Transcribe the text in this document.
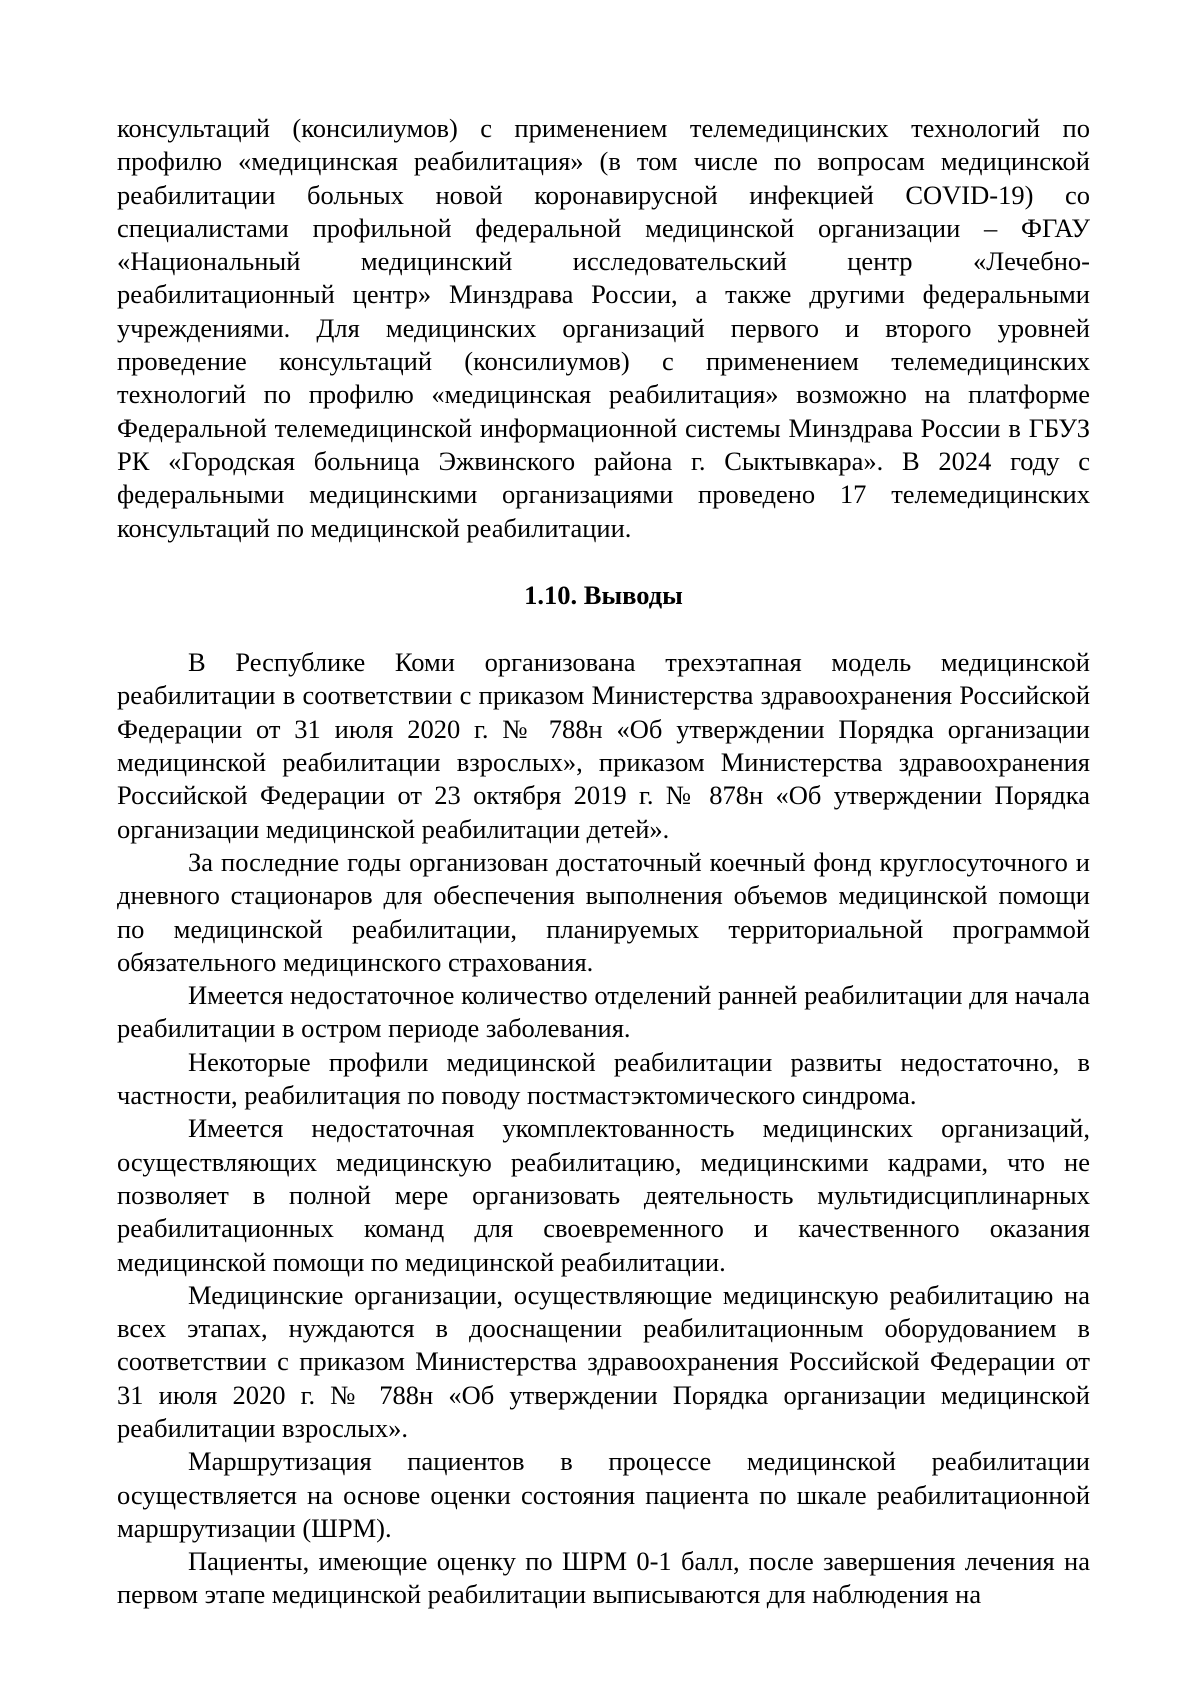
консультаций (консилиумов) с применением телемедицинских технологий по профилю «медицинская реабилитация» (в том числе по вопросам медицинской реабилитации больных новой коронавирусной инфекцией COVID-19) со специалистами профильной федеральной медицинской организации – ФГАУ «Национальный медицинский исследовательский центр «Лечебно-реабилитационный центр» Минздрава России, а также другими федеральными учреждениями. Для медицинских организаций первого и второго уровней проведение консультаций (консилиумов) с применением телемедицинских технологий по профилю «медицинская реабилитация» возможно на платформе Федеральной телемедицинской информационной системы Минздрава России в ГБУЗ РК «Городская больница Эжвинского района г. Сыктывкара». В 2024 году с федеральными медицинскими организациями проведено 17 телемедицинских консультаций по медицинской реабилитации.

1.10. Выводы

В Республике Коми организована трехэтапная модель медицинской реабилитации в соответствии с приказом Министерства здравоохранения Российской Федерации от 31 июля 2020 г. № 788н «Об утверждении Порядка организации медицинской реабилитации взрослых», приказом Министерства здравоохранения Российской Федерации от 23 октября 2019 г. № 878н «Об утверждении Порядка организации медицинской реабилитации детей».

За последние годы организован достаточный коечный фонд круглосуточного и дневного стационаров для обеспечения выполнения объемов медицинской помощи по медицинской реабилитации, планируемых территориальной программой обязательного медицинского страхования.

Имеется недостаточное количество отделений ранней реабилитации для начала реабилитации в остром периоде заболевания.

Некоторые профили медицинской реабилитации развиты недостаточно, в частности, реабилитация по поводу постмастэктомического синдрома.

Имеется недостаточная укомплектованность медицинских организаций, осуществляющих медицинскую реабилитацию, медицинскими кадрами, что не позволяет в полной мере организовать деятельность мультидисциплинарных реабилитационных команд для своевременного и качественного оказания медицинской помощи по медицинской реабилитации.

Медицинские организации, осуществляющие медицинскую реабилитацию на всех этапах, нуждаются в дооснащении реабилитационным оборудованием в соответствии с приказом Министерства здравоохранения Российской Федерации от 31 июля 2020 г. № 788н «Об утверждении Порядка организации медицинской реабилитации взрослых».

Маршрутизация пациентов в процессе медицинской реабилитации осуществляется на основе оценки состояния пациента по шкале реабилитационной маршрутизации (ШРМ).

Пациенты, имеющие оценку по ШРМ 0-1 балл, после завершения лечения на первом этапе медицинской реабилитации выписываются для наблюдения на
